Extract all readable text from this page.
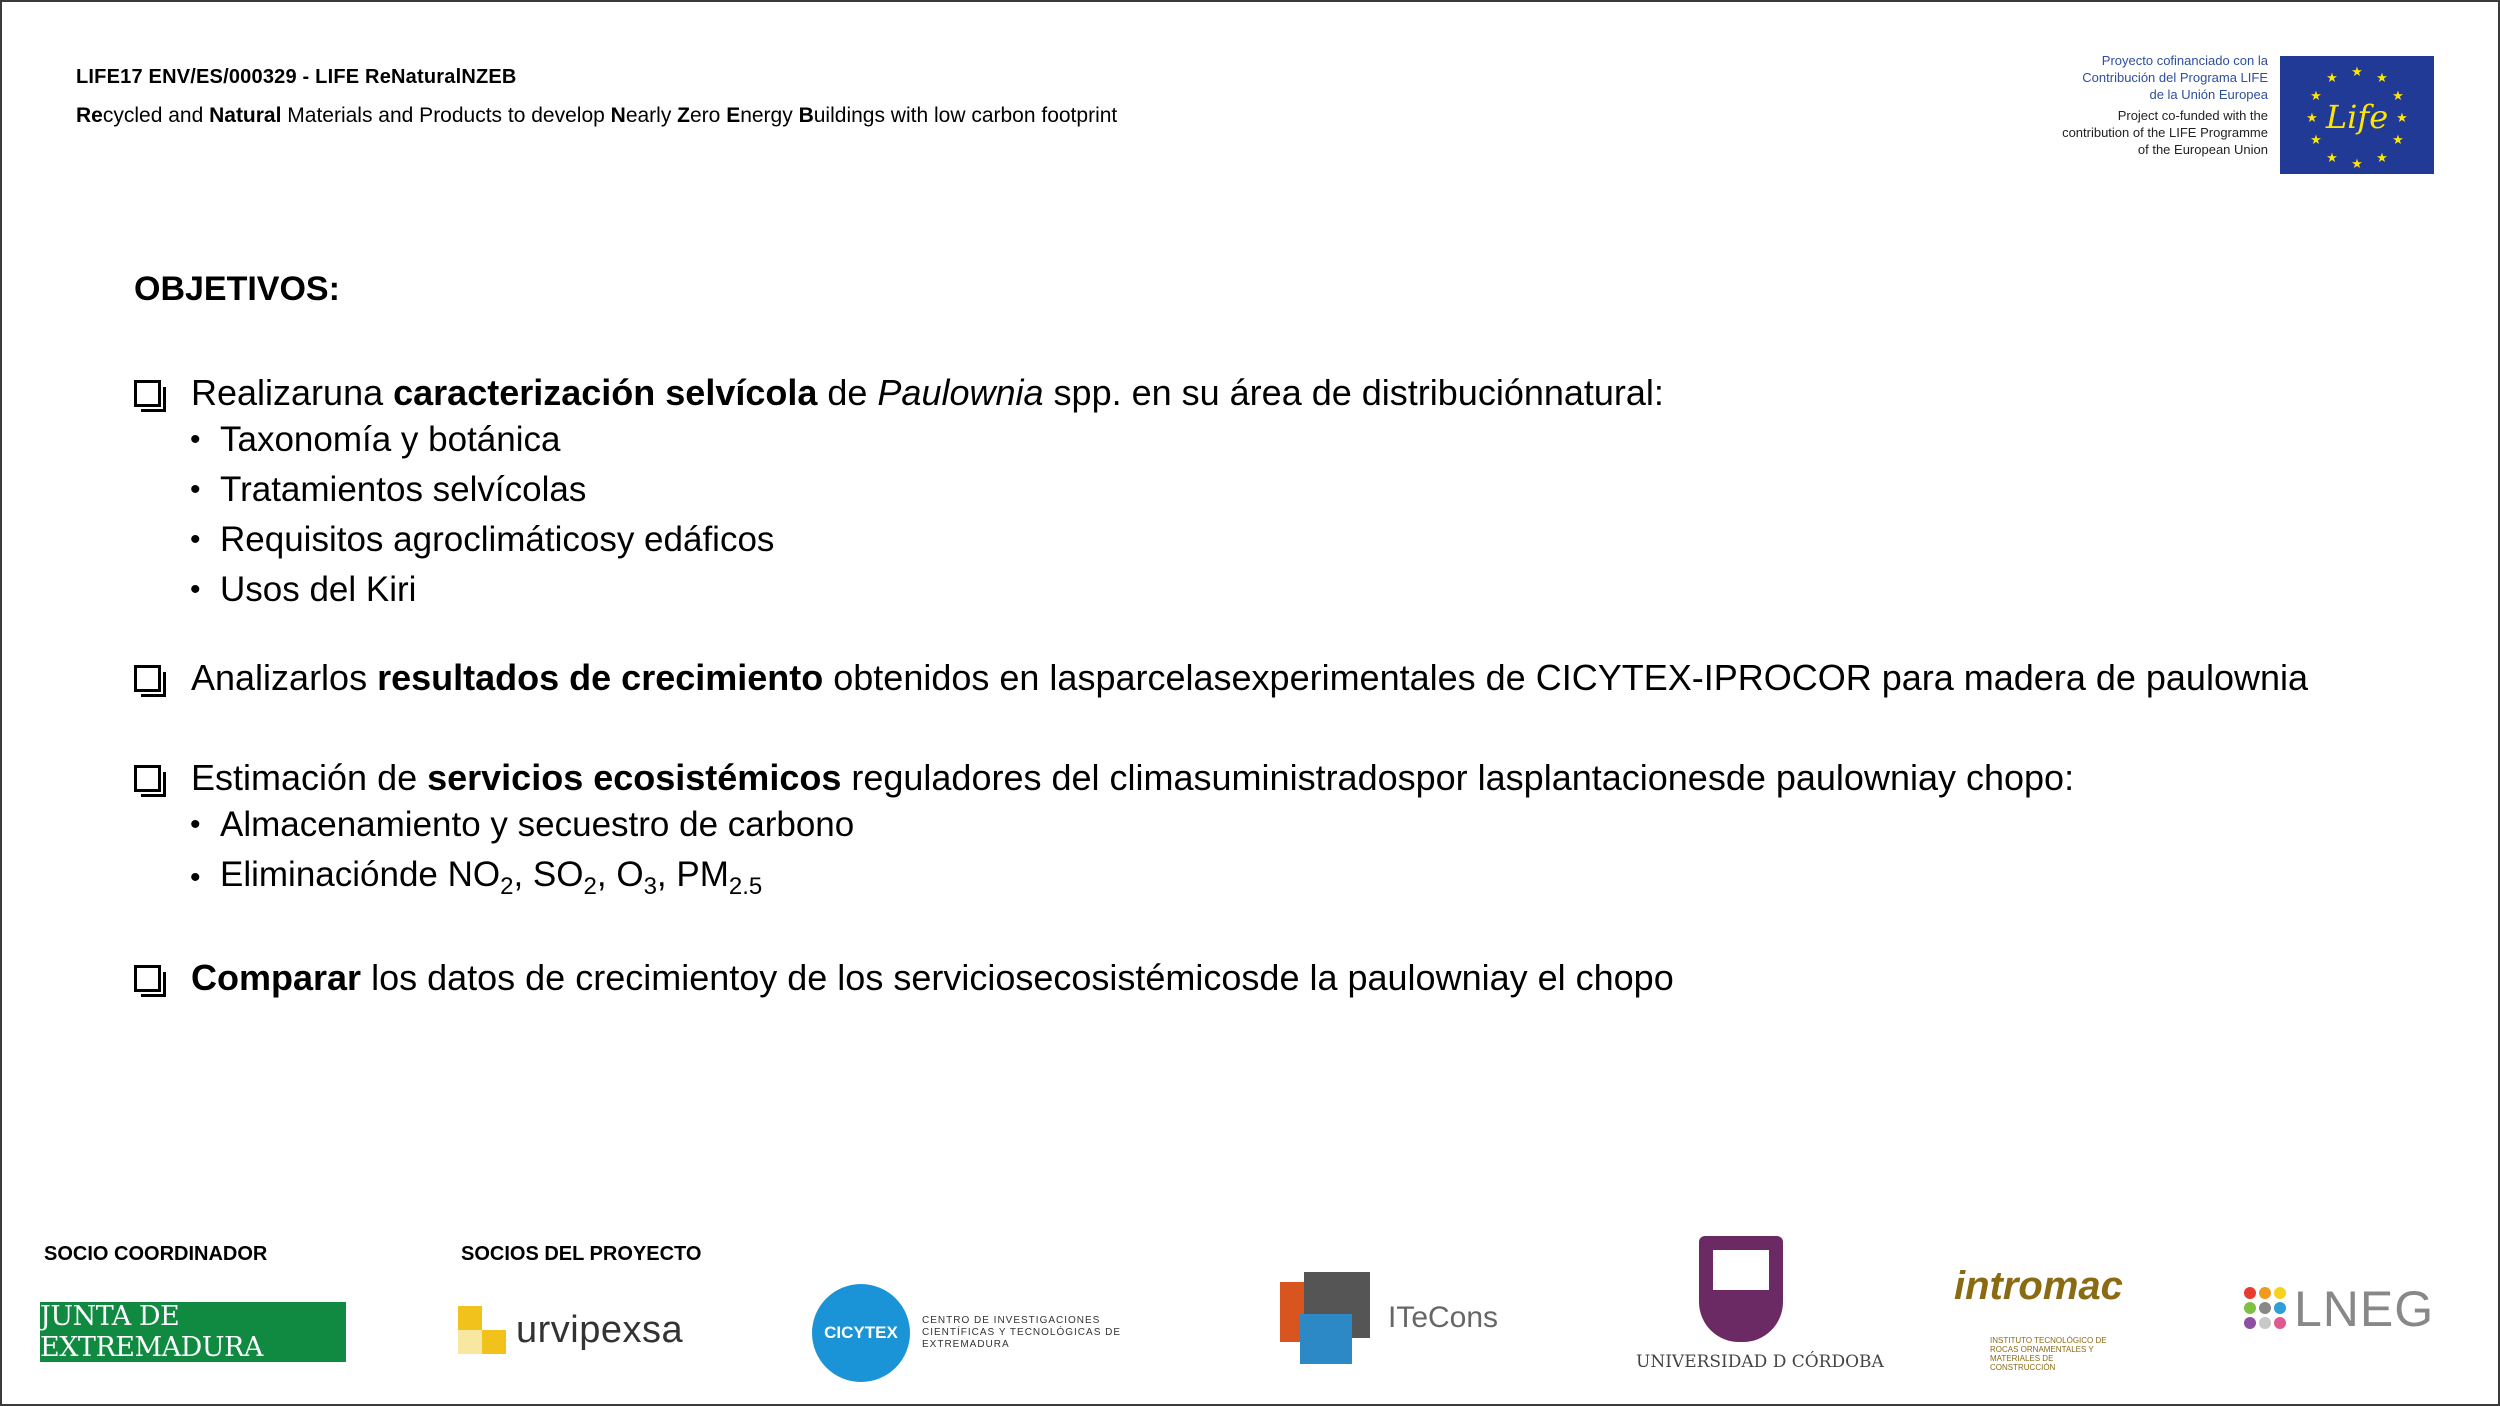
LIFE17 ENV/ES/000329 - LIFE ReNaturalNZEB
Recycled and Natural Materials and Products to develop Nearly Zero Energy Buildings with low carbon footprint
Proyecto cofinanciado con la
Contribución del Programa LIFE
de la Unión Europea
Project co-funded with the
contribution of the LIFE Programme
of the European Union
★ ★
★
★
★
★
★
★
★
★
★
★
Life
OBJETIVOS:
Realizaruna caracterización selvícola de Paulownia spp. en su área de distribuciónnatural:
• Taxonomía y botánica
• Tratamientos selvícolas
• Requisitos agroclimáticosy edáficos
• Usos del Kiri
Analizarlos resultados de crecimiento obtenidos en lasparcelasexperimentales de CICYTEX-IPROCOR para madera de paulownia
Estimación de servicios ecosistémicos reguladores del climasuministradospor lasplantacionesde paulowniay chopo:
• Almacenamiento y secuestro de carbono
• Eliminaciónde $NO_2$, $SO_2$, $O_3$, $PM_{2.5}$
Comparar los datos de crecimientoy de los serviciosecosistémicosde la paulowniay el chopo
SOCIO COORDINADOR	SOCIOS DEL PROYECTO
JUNTA DE EXTREMADURA	urvipexsa	CICYTEX
CENTRO DE INVESTIGACIONES CIENTÍFICAS Y TECNOLÓGICAS DE EXTREMADURA
ITeCons
UNIVERSIDAD D CÓRDOBA
intromac
INSTITUTO TECNOLÓGICO DE ROCAS ORNAMENTALES Y MATERIALES DE CONSTRUCCIÓN
LNEG
